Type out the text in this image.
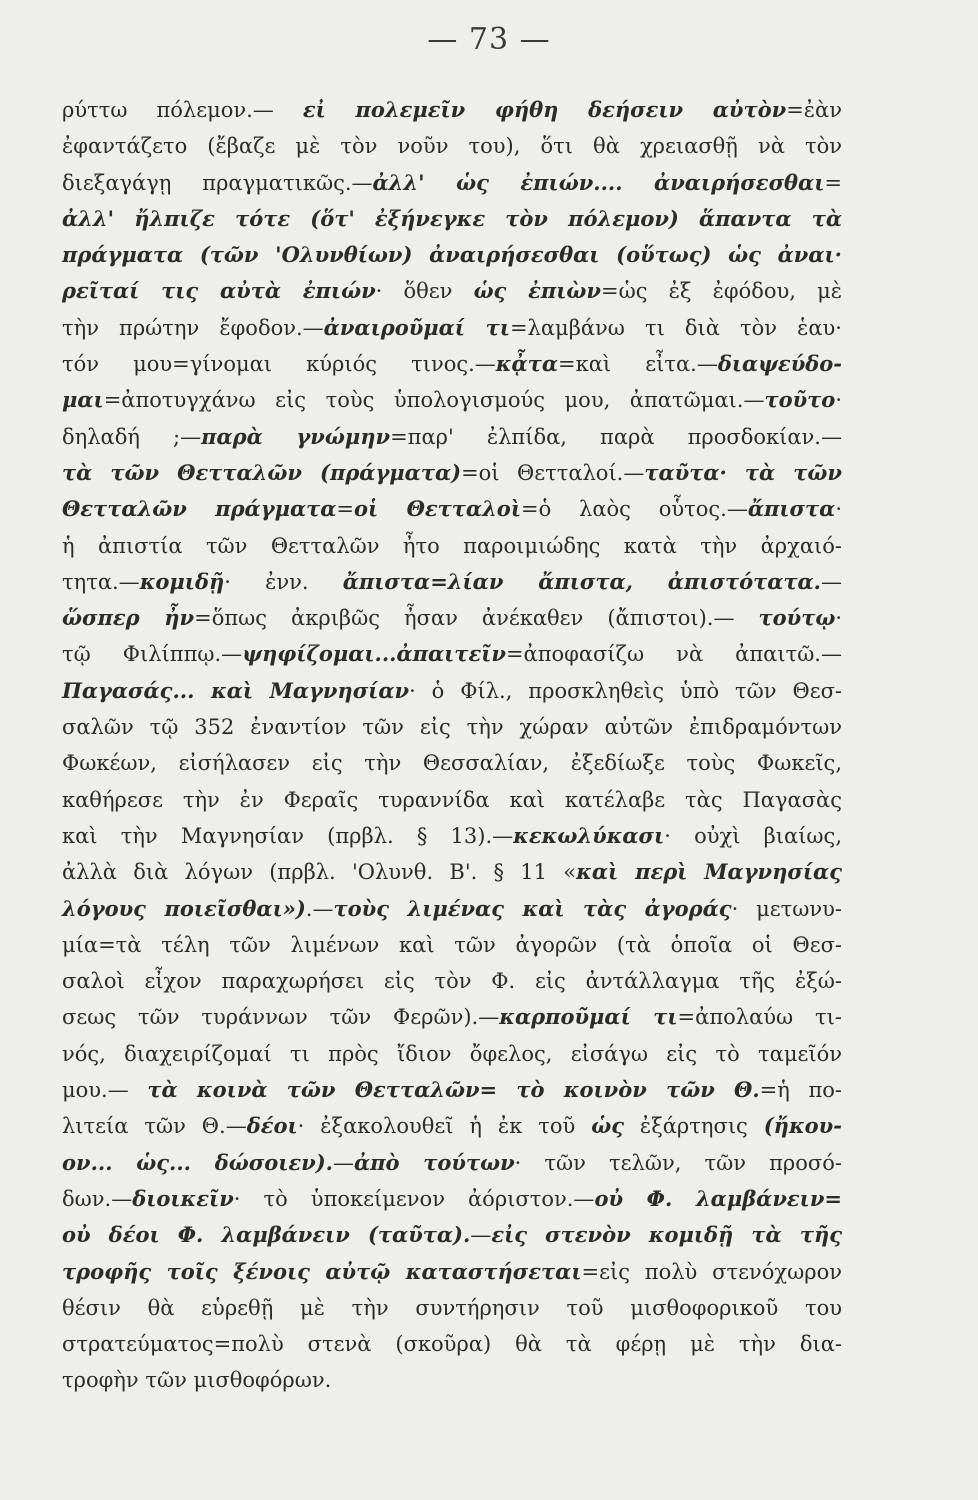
— 73 —
ρύττω πόλεμον.— εἰ πολεμεῖν φήθη δεήσειν αὐτὸν=ἐὰν
ἐφαντάζετο (ἔβαζε μὲ τὸν νοῦν του), ὅτι θὰ χρειασθῇ νὰ τὸν
διεξαγάγῃ πραγματικῶς.—ἀλλ' ὡς ἐπιών.... ἀναιρήσεσθαι=
ἀλλ' ἤλπιζε τότε (ὅτ' ἐξήνεγκε τὸν πόλεμον) ἅπαντα τὰ
πράγματα (τῶν 'Ολυνθίων) ἀναιρήσεσθαι (οὕτως) ὡς ἀναι·
ρεῖταί τις αὐτὰ ἐπιών· ὅθεν ὡς ἐπιὼν=ὡς ἐξ ἐφόδου, μὲ
τὴν πρώτην ἔφοδον.—ἀναιροῦμαί τι=λαμβάνω τι διὰ τὸν ἑαυ·
τόν μου=γίνομαι κύριός τινος.—κᾆτα=καὶ εἶτα.—διαψεύδο-
μαι=ἀποτυγχάνω εἰς τοὺς ὑπολογισμούς μου, ἀπατῶμαι.—τοῦτο·
δηλαδή ;—παρὰ γνώμην=παρ' ἐλπίδα, παρὰ προσδοκίαν.—
τὰ τῶν Θετταλῶν (πράγματα)=οἱ Θετταλοί.—ταῦτα· τὰ τῶν
Θετταλῶν πράγματα=οἱ Θετταλοὶ=ὁ λαὸς οὗτος.—ἄπιστα·
ἡ ἀπιστία τῶν Θετταλῶν ἦτο παροιμιώδης κατὰ τὴν ἀρχαιό-
τητα.—κομιδῇ· ἐνν. ἄπιστα=λίαν ἄπιστα, ἀπιστότατα.—
ὥσπερ ἦν=ὅπως ἀκριβῶς ἦσαν ἀνέκαθεν (ἄπιστοι).— τούτῳ·
τῷ Φιλίππῳ.—ψηφίζομαι...ἀπαιτεῖν=ἀποφασίζω νὰ ἀπαιτῶ.—
Παγασάς... καὶ Μαγνησίαν· ὁ Φίλ., προσκληθεὶς ὑπὸ τῶν Θεσ-
σαλῶν τῷ 352 ἐναντίον τῶν εἰς τὴν χώραν αὐτῶν ἐπιδραμόντων
Φωκέων, εἰσήλασεν εἰς τὴν Θεσσαλίαν, ἐξεδίωξε τοὺς Φωκεῖς,
καθήρεσε τὴν ἐν Φεραῖς τυραννίδα καὶ κατέλαβε τὰς Παγασὰς
καὶ τὴν Μαγνησίαν (πρβλ. § 13).—κεκωλύκασι· οὐχὶ βιαίως,
ἀλλὰ διὰ λόγων (πρβλ. 'Ολυνθ. Β'. § 11 «καὶ περὶ Μαγνησίας
λόγους ποιεῖσθαι»).—τοὺς λιμένας καὶ τὰς ἀγοράς· μετωνυ-
μία=τὰ τέλη τῶν λιμένων καὶ τῶν ἀγορῶν (τὰ ὁποῖα οἱ Θεσ-
σαλοὶ εἶχον παραχωρήσει εἰς τὸν Φ. εἰς ἀντάλλαγμα τῆς ἐξώ-
σεως τῶν τυράννων τῶν Φερῶν).—καρποῦμαί τι=ἀπολαύω τι-
νός, διαχειρίζομαί τι πρὸς ἴδιον ὄφελος, εἰσάγω εἰς τὸ ταμεῖόν
μου.— τὰ κοινὰ τῶν Θετταλῶν= τὸ κοινὸν τῶν Θ.=ἡ πο-
λιτεία τῶν Θ.—δέοι· ἐξακολουθεῖ ἡ ἐκ τοῦ ὡς ἐξάρτησις (ἤκου-
ον... ὡς... δώσοιεν).—ἀπὸ τούτων· τῶν τελῶν, τῶν προσό-
δων.—διοικεῖν· τὸ ὑποκείμενον ἀόριστον.—οὐ Φ. λαμβάνειν=
οὐ δέοι Φ. λαμβάνειν (ταῦτα).—εἰς στενὸν κομιδῇ τὰ τῆς
τροφῆς τοῖς ξένοις αὐτῷ καταστήσεται=εἰς πολὺ στενόχωρον
θέσιν θὰ εὑρεθῇ μὲ τὴν συντήρησιν τοῦ μισθοφορικοῦ του
στρατεύματος=πολὺ στενὰ (σκοῦρα) θὰ τὰ φέρῃ μὲ τὴν δια-
τροφὴν τῶν μισθοφόρων.
